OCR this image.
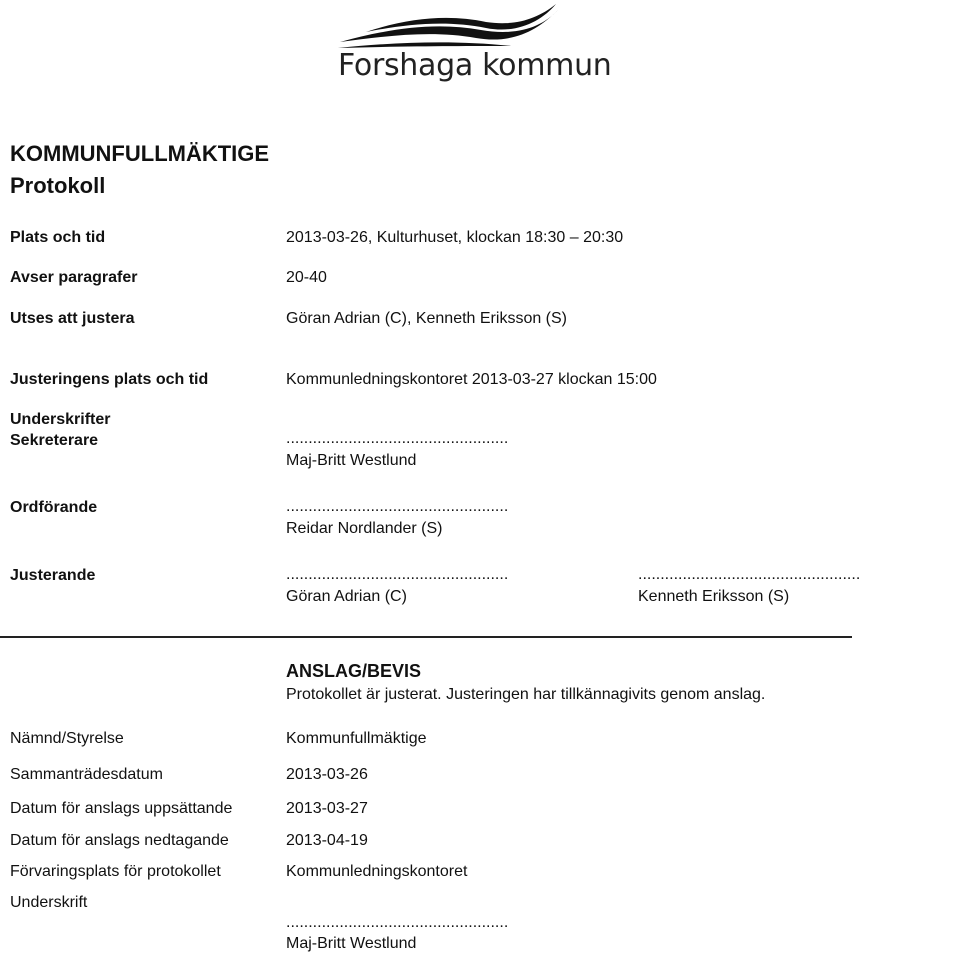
Forshaga kommun
KOMMUNFULLMÄKTIGE
Protokoll
Plats och tid	2013-03-26, Kulturhuset, klockan 18:30 – 20:30
Avser paragrafer	20-40
Utses att justera	Göran Adrian (C), Kenneth Eriksson (S)
Justeringens plats och tid	Kommunledningskontoret 2013-03-27 klockan 15:00
Underskrifter
Sekreterare	..................................................
Maj-Britt Westlund
Ordförande	..................................................
Reidar Nordlander (S)
Justerande	..................................................
Göran Adrian (C)
..................................................
Kenneth Eriksson (S)
ANSLAG/BEVIS
Protokollet är justerat. Justeringen har tillkännagivits genom anslag.
Nämnd/Styrelse	Kommunfullmäktige
Sammanträdesdatum	2013-03-26
Datum för anslags uppsättande	2013-03-27
Datum för anslags nedtagande	2013-04-19
Förvaringsplats för protokollet	Kommunledningskontoret
Underskrift
..................................................
Maj-Britt Westlund
